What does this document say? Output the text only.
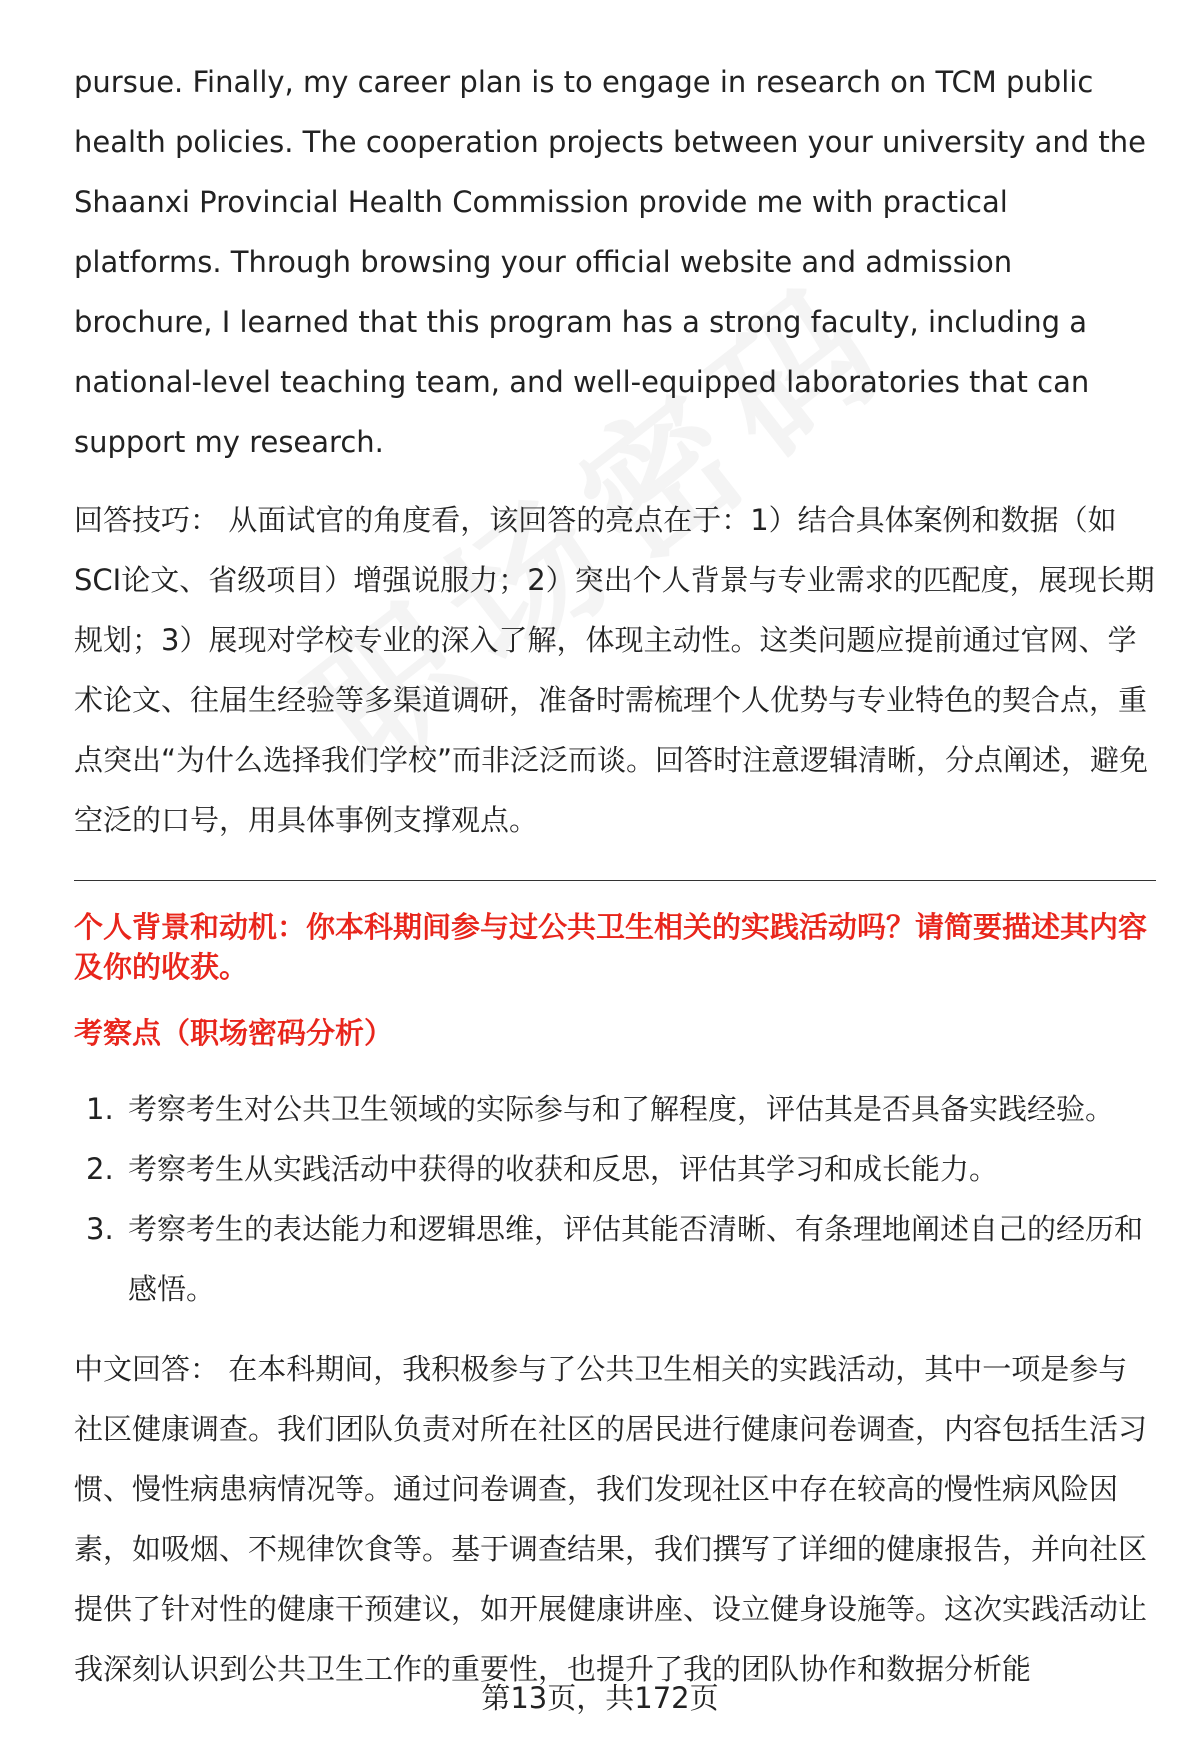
pursue. Finally, my career plan is to engage in research on TCM public health policies. The cooperation projects between your university and the Shaanxi Provincial Health Commission provide me with practical platforms. Through browsing your official website and admission brochure, I learned that this program has a strong faculty, including a national-level teaching team, and well-equipped laboratories that can support my research.

回答技巧： 从面试官的角度看，该回答的亮点在于：1）结合具体案例和数据（如SCI论文、省级项目）增强说服力；2）突出个人背景与专业需求的匹配度，展现长期规划；3）展现对学校专业的深入了解，体现主动性。这类问题应提前通过官网、学术论文、往届生经验等多渠道调研，准备时需梳理个人优势与专业特色的契合点，重点突出“为什么选择我们学校”而非泛泛而谈。回答时注意逻辑清晰，分点阐述，避免空泛的口号，用具体事例支撑观点。

个人背景和动机：你本科期间参与过公共卫生相关的实践活动吗？请简要描述其内容及你的收获。
考察点（职场密码分析）
1. 考察考生对公共卫生领域的实际参与和了解程度，评估其是否具备实践经验。
2. 考察考生从实践活动中获得的收获和反思，评估其学习和成长能力。
3. 考察考生的表达能力和逻辑思维，评估其能否清晰、有条理地阐述自己的经历和感悟。

中文回答： 在本科期间，我积极参与了公共卫生相关的实践活动，其中一项是参与社区健康调查。我们团队负责对所在社区的居民进行健康问卷调查，内容包括生活习惯、慢性病患病情况等。通过问卷调查，我们发现社区中存在较高的慢性病风险因素，如吸烟、不规律饮食等。基于调查结果，我们撰写了详细的健康报告，并向社区提供了针对性的健康干预建议，如开展健康讲座、设立健身设施等。这次实践活动让我深刻认识到公共卫生工作的重要性，也提升了我的团队协作和数据分析能

第13页，共172页
